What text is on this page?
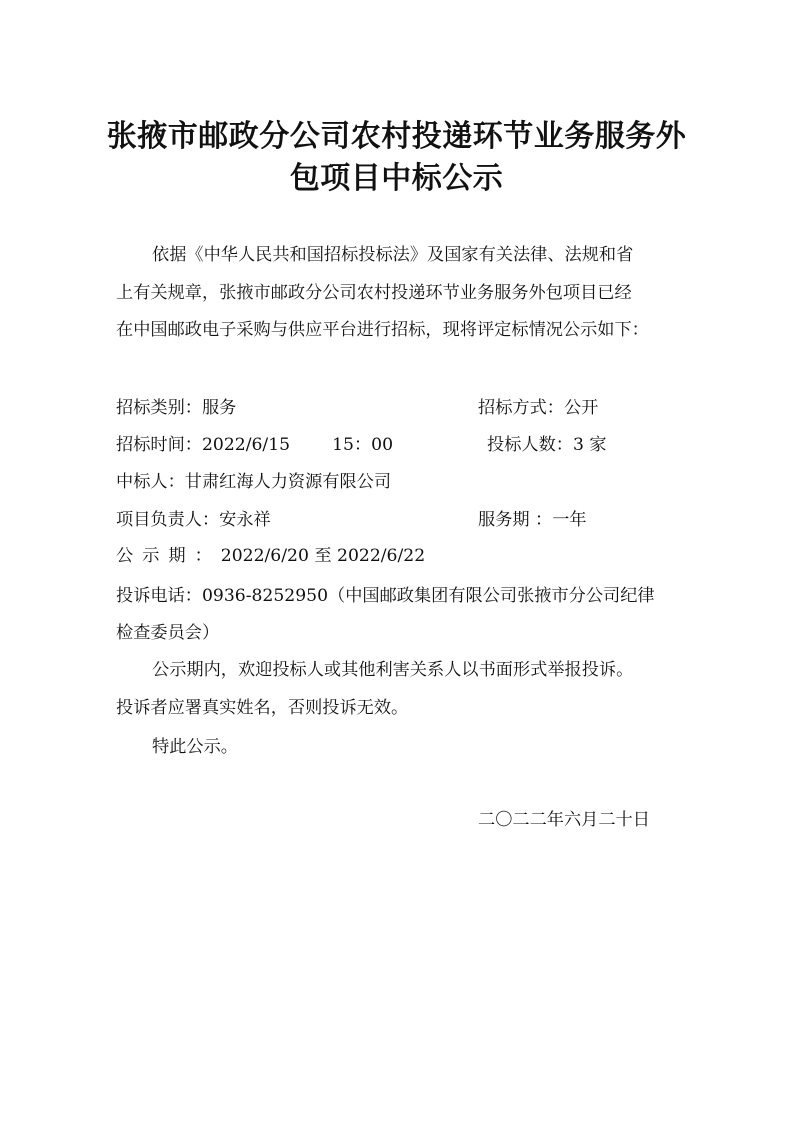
张掖市邮政分公司农村投递环节业务服务外
包项目中标公示
依据《中华人民共和国招标投标法》及国家有关法律、法规和省
上有关规章，张掖市邮政分公司农村投递环节业务服务外包项目已经
在中国邮政电子采购与供应平台进行招标，现将评定标情况公示如下：
招标类别：服务	招标方式：公开
招标时间：2022/6/15 15：00	投标人数：3 家
中标人：甘肃红海人力资源有限公司
项目负责人：安永祥	服务期 ：一年
公示期：2022/6/20 至 2022/6/22
投诉电话：0936-8252950（中国邮政集团有限公司张掖市分公司纪律
检查委员会）
公示期内，欢迎投标人或其他利害关系人以书面形式举报投诉。
投诉者应署真实姓名，否则投诉无效。
特此公示。
二〇二二年六月二十日
